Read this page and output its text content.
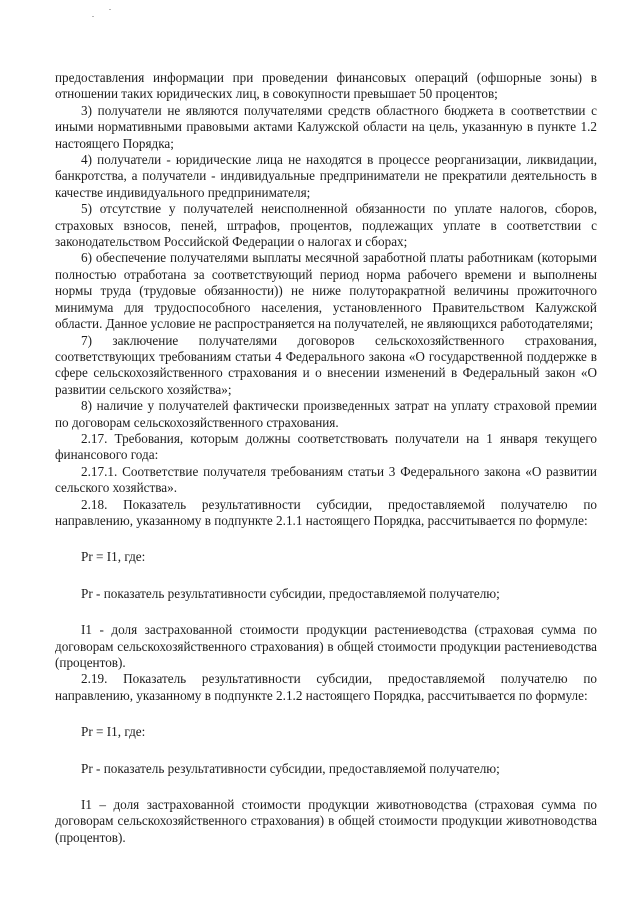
предоставления информации при проведении финансовых операций (офшорные зоны) в отношении таких юридических лиц, в совокупности превышает 50 процентов;

3) получатели не являются получателями средств областного бюджета в соответствии с иными нормативными правовыми актами Калужской области на цель, указанную в пункте 1.2 настоящего Порядка;

4) получатели - юридические лица не находятся в процессе реорганизации, ликвидации, банкротства, а получатели - индивидуальные предприниматели не прекратили деятельность в качестве индивидуального предпринимателя;

5) отсутствие у получателей неисполненной обязанности по уплате налогов, сборов, страховых взносов, пеней, штрафов, процентов, подлежащих уплате в соответствии с законодательством Российской Федерации о налогах и сборах;

6) обеспечение получателями выплаты месячной заработной платы работникам (которыми полностью отработана за соответствующий период норма рабочего времени и выполнены нормы труда (трудовые обязанности)) не ниже полуторакратной величины прожиточного минимума для трудоспособного населения, установленного Правительством Калужской области. Данное условие не распространяется на получателей, не являющихся работодателями;

7) заключение получателями договоров сельскохозяйственного страхования, соответствующих требованиям статьи 4 Федерального закона «О государственной поддержке в сфере сельскохозяйственного страхования и о внесении изменений в Федеральный закон «О развитии сельского хозяйства»;

8) наличие у получателей фактически произведенных затрат на уплату страховой премии по договорам сельскохозяйственного страхования.

2.17. Требования, которым должны соответствовать получатели на 1 января текущего финансового года:

2.17.1. Соответствие получателя требованиям статьи 3 Федерального закона «О развитии сельского хозяйства».

2.18. Показатель результативности субсидии, предоставляемой получателю по направлению, указанному в подпункте 2.1.1 настоящего Порядка, рассчитывается по формуле:

Pr = I1, где:

Pr - показатель результативности субсидии, предоставляемой получателю;

I1 - доля застрахованной стоимости продукции растениеводства (страховая сумма по договорам сельскохозяйственного страхования) в общей стоимости продукции растениеводства (процентов).

2.19. Показатель результативности субсидии, предоставляемой получателю по направлению, указанному в подпункте 2.1.2 настоящего Порядка, рассчитывается по формуле:

Pr = I1, где:

Pr - показатель результативности субсидии, предоставляемой получателю;

I1 – доля застрахованной стоимости продукции животноводства (страховая сумма по договорам сельскохозяйственного страхования) в общей стоимости продукции животноводства (процентов).
